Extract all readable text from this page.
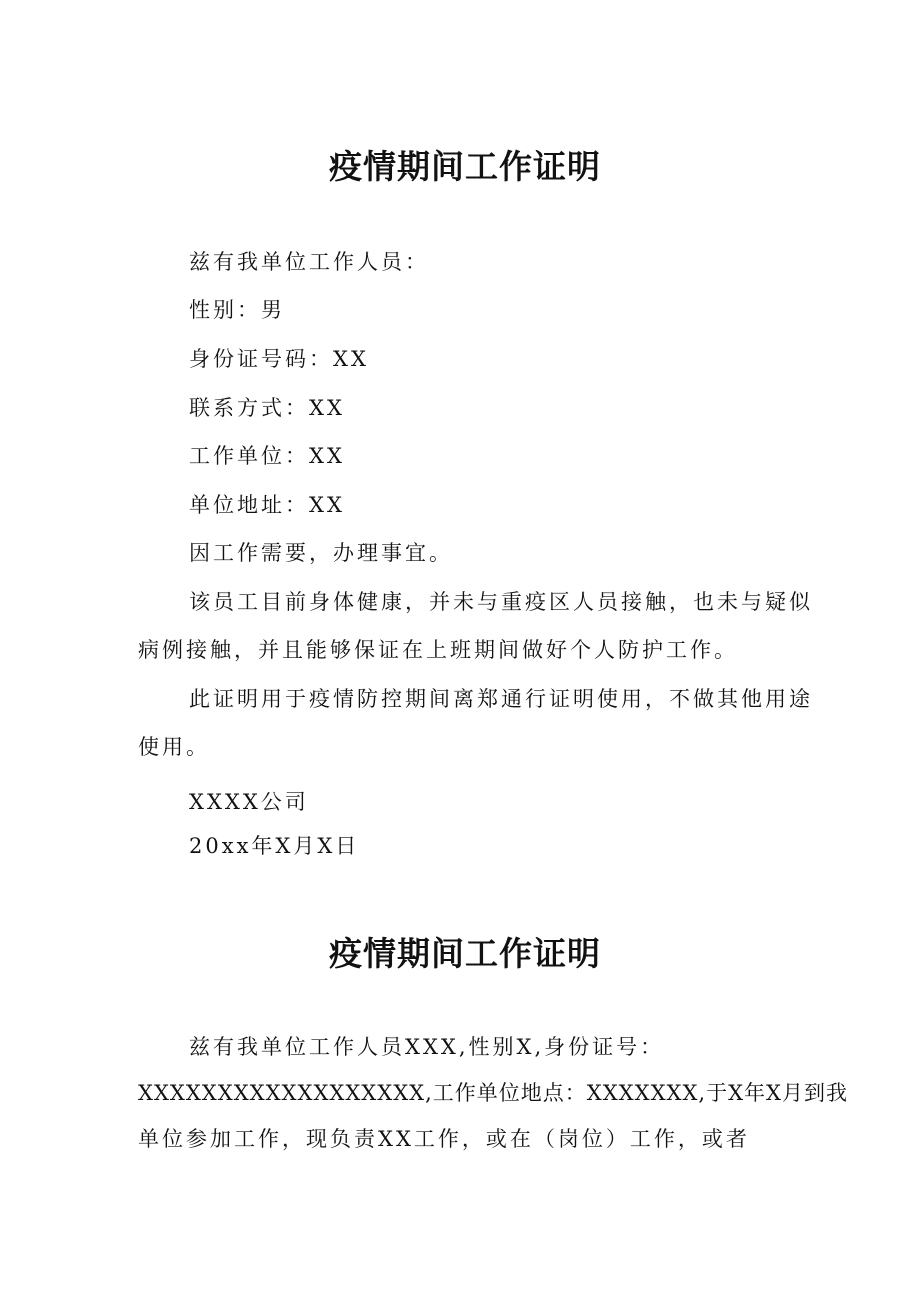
疫情期间工作证明
兹有我单位工作人员：
性别：男
身份证号码：XX
联系方式：XX
工作单位：XX
单位地址：XX
因工作需要，办理事宜。
该员工目前身体健康，并未与重疫区人员接触，也未与疑似
病例接触，并且能够保证在上班期间做好个人防护工作。
此证明用于疫情防控期间离郑通行证明使用，不做其他用途
使用。
XXXX公司
20xx年X月X日
疫情期间工作证明
兹有我单位工作人员XXX,性别X,身份证号：
XXXXXXXXXXXXXXXXXX,工作单位地点：XXXXXXX,于X年X月到我
单位参加工作，现负责XX工作，或在（岗位）工作，或者
